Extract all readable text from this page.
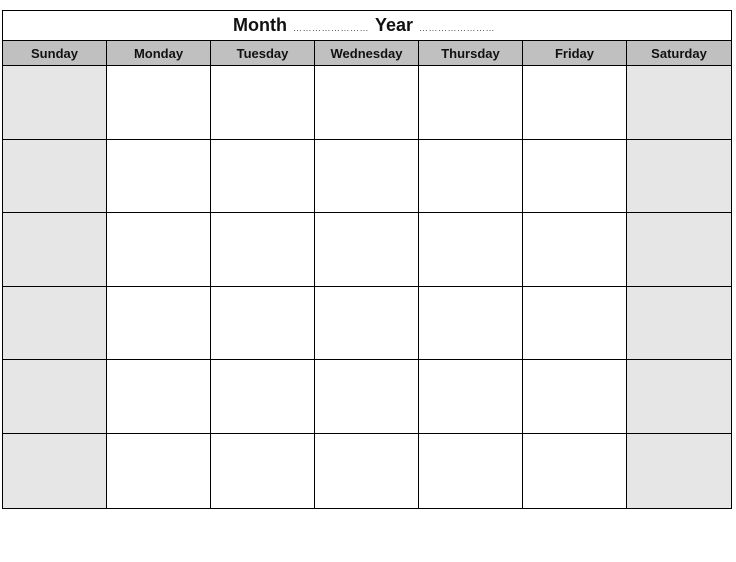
Month …………………… Year ……………………
Sunday	Monday	Tuesday	Wednesday	Thursday	Friday	Saturday
